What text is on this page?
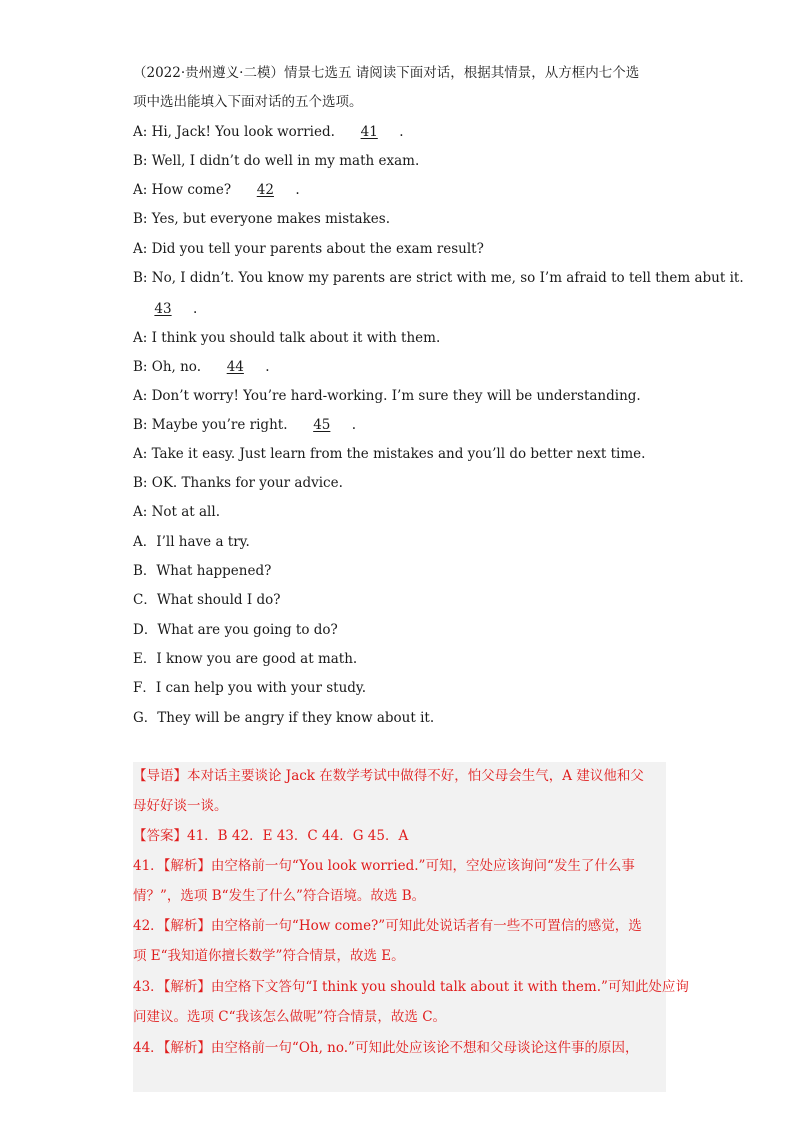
（2022·贵州遵义·二模）情景七选五 请阅读下面对话，根据其情景，从方框内七个选
项中选出能填入下面对话的五个选项。
A: Hi, Jack! You look worried. 41 .
B: Well, I didn’t do well in my math exam.
A: How come? 42 .
B: Yes, but everyone makes mistakes.
A: Did you tell your parents about the exam result?
B: No, I didn’t. You know my parents are strict with me, so I’m afraid to tell them abut it.
43 .
A: I think you should talk about it with them.
B: Oh, no. 44 .
A: Don’t worry! You’re hard-working. I’m sure they will be understanding.
B: Maybe you’re right. 45 .
A: Take it easy. Just learn from the mistakes and you’ll do better next time.
B: OK. Thanks for your advice.
A: Not at all.
A．I’ll have a try.
B．What happened?
C．What should I do?
D．What are you going to do?
E．I know you are good at math.
F．I can help you with your study.
G．They will be angry if they know about it.
【导语】本对话主要谈论 Jack 在数学考试中做得不好，怕父母会生气，A 建议他和父
母好好谈一谈。
【答案】41．B 42．E 43．C 44．G 45．A
41．【解析】由空格前一句“You look worried.”可知，空处应该询问“发生了什么事
情？”，选项 B“发生了什么”符合语境。故选 B。
42．【解析】由空格前一句“How come?”可知此处说话者有一些不可置信的感觉，选
项 E“我知道你擅长数学”符合情景，故选 E。
43．【解析】由空格下文答句“I think you should talk about it with them.”可知此处应询
问建议。选项 C“我该怎么做呢”符合情景，故选 C。
44．【解析】由空格前一句“Oh, no.”可知此处应该论不想和父母谈论这件事的原因，
